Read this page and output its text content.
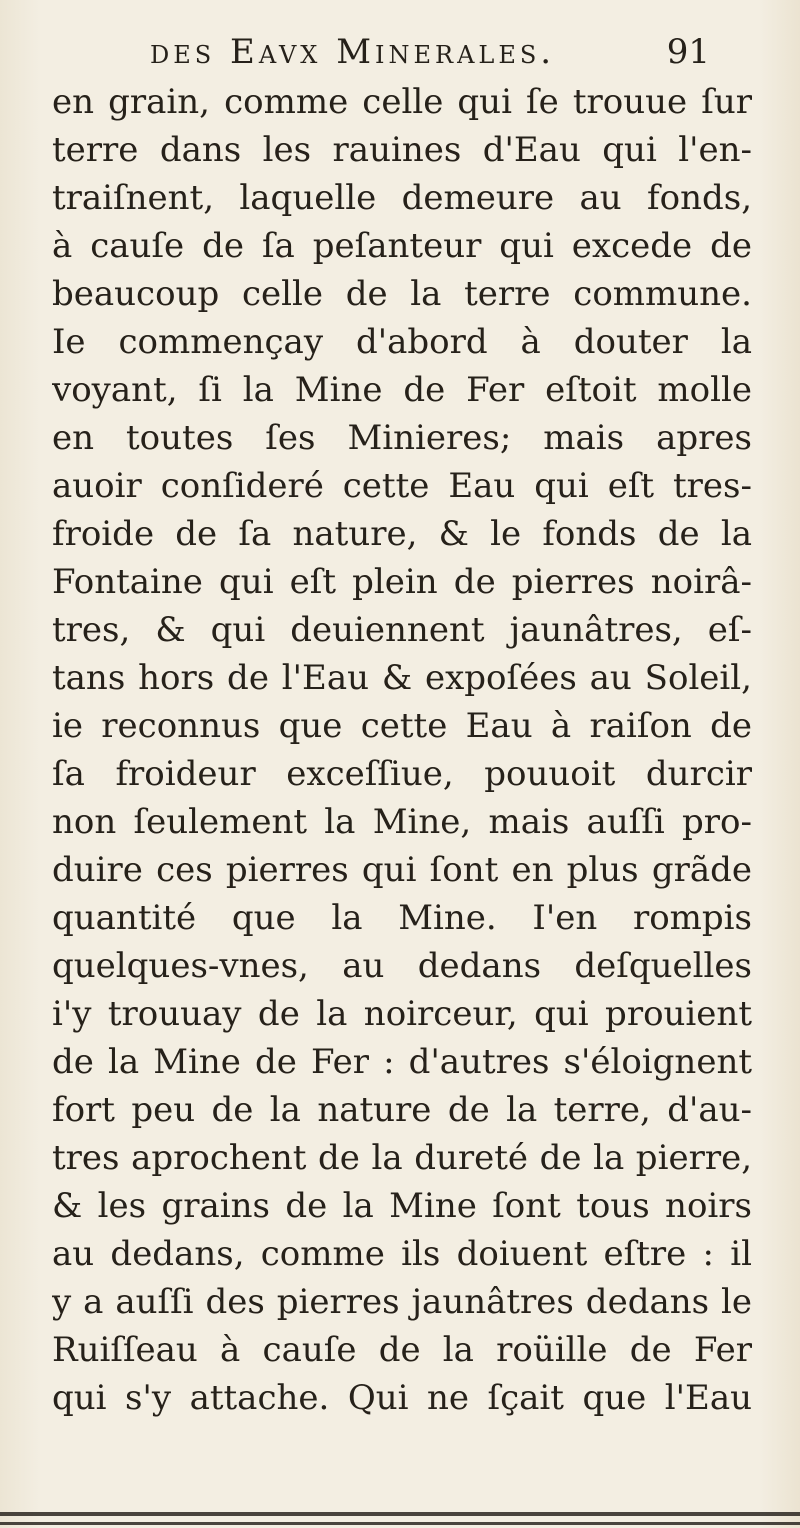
des Eavx Minerales.	91
en grain, comme celle qui ſe trouue ſur
terre dans les rauines d'Eau qui l'en-
traiſnent, laquelle demeure au fonds,
à cauſe de ſa peſanteur qui excede de
beaucoup celle de la terre commune.
Ie commençay d'abord à douter la
voyant, ſi la Mine de Fer eſtoit molle
en toutes ſes Minieres; mais apres
auoir conſideré cette Eau qui eſt tres-
froide de ſa nature, & le fonds de la
Fontaine qui eſt plein de pierres noirâ-
tres, & qui deuiennent jaunâtres, eſ-
tans hors de l'Eau & expoſées au Soleil,
ie reconnus que cette Eau à raiſon de
ſa froideur exceſſiue, pouuoit durcir
non ſeulement la Mine, mais auſſi pro-
duire ces pierres qui ſont en plus grãde
quantité que la Mine. I'en rompis
quelques-vnes, au dedans deſquelles
i'y trouuay de la noirceur, qui prouient
de la Mine de Fer : d'autres s'éloignent
fort peu de la nature de la terre, d'au-
tres aprochent de la dureté de la pierre,
& les grains de la Mine ſont tous noirs
au dedans, comme ils doiuent eſtre : il
y a auſſi des pierres jaunâtres dedans le
Ruiſſeau à cauſe de la roüille de Fer
qui s'y attache. Qui ne ſçait que l'Eau
